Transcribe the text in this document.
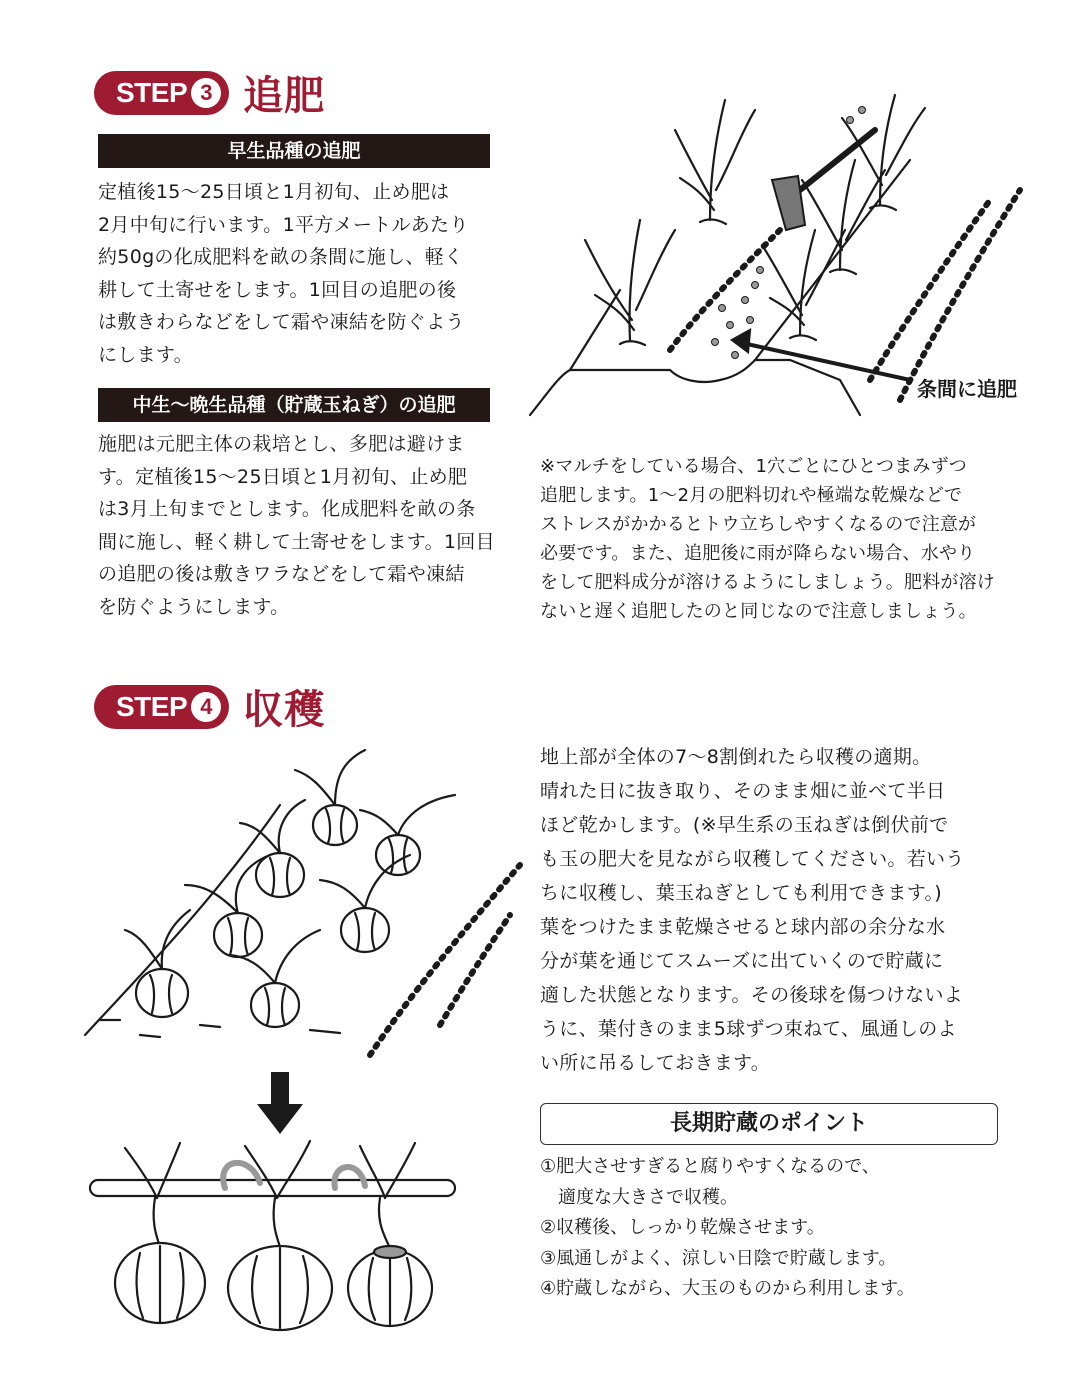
STEP 3 追肥
早生品種の追肥
定植後15〜25日頃と1月初旬、止め肥は
2月中旬に行います。1平方メートルあたり
約50gの化成肥料を畝の条間に施し、軽く
耕して土寄せをします。1回目の追肥の後
は敷きわらなどをして霜や凍結を防ぐよう
にします。
中生〜晩生品種（貯蔵玉ねぎ）の追肥
施肥は元肥主体の栽培とし、多肥は避けま
す。定植後15〜25日頃と1月初旬、止め肥
は3月上旬までとします。化成肥料を畝の条
間に施し、軽く耕して土寄せをします。1回目
の追肥の後は敷きワラなどをして霜や凍結
を防ぐようにします。
条間に追肥
※マルチをしている場合、1穴ごとにひとつまみずつ
追肥します。1〜2月の肥料切れや極端な乾燥などで
ストレスがかかるとトウ立ちしやすくなるので注意が
必要です。また、追肥後に雨が降らない場合、水やり
をして肥料成分が溶けるようにしましょう。肥料が溶け
ないと遅く追肥したのと同じなので注意しましょう。
STEP 4 収穫
地上部が全体の7〜8割倒れたら収穫の適期。
晴れた日に抜き取り、そのまま畑に並べて半日
ほど乾かします。(※早生系の玉ねぎは倒伏前で
も玉の肥大を見ながら収穫してください。若いう
ちに収穫し、葉玉ねぎとしても利用できます。)
葉をつけたまま乾燥させると球内部の余分な水
分が葉を通じてスムーズに出ていくので貯蔵に
適した状態となります。その後球を傷つけないよ
うに、葉付きのまま5球ずつ束ねて、風通しのよ
い所に吊るしておきます。
長期貯蔵のポイント
①肥大させすぎると腐りやすくなるので、
　適度な大きさで収穫。
②収穫後、しっかり乾燥させます。
③風通しがよく、涼しい日陰で貯蔵します。
④貯蔵しながら、大玉のものから利用します。
